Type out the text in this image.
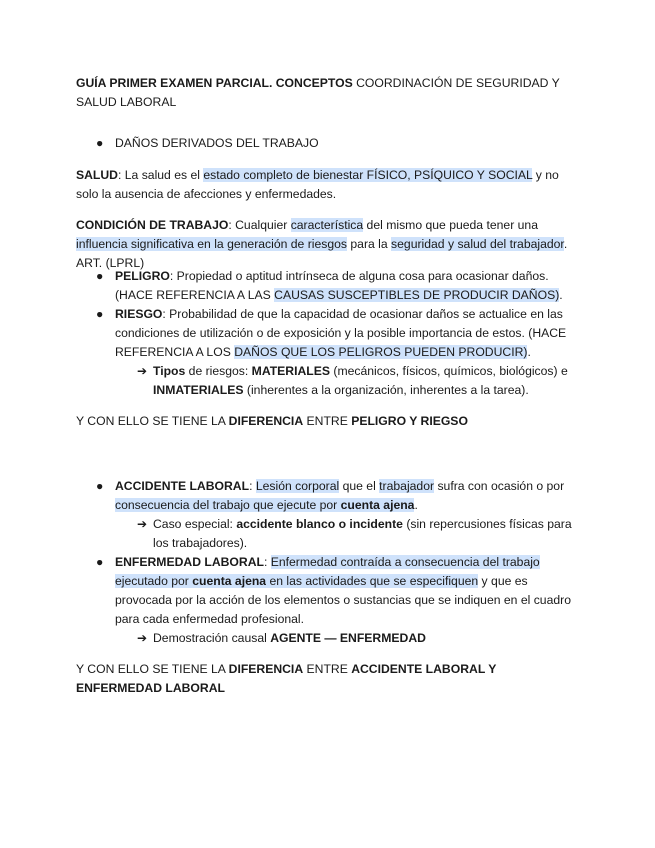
GUÍA PRIMER EXAMEN PARCIAL. CONCEPTOS COORDINACIÓN DE SEGURIDAD Y SALUD LABORAL

● DAÑOS DERIVADOS DEL TRABAJO

SALUD: La salud es el estado completo de bienestar FÍSICO, PSÍQUICO Y SOCIAL y no solo la ausencia de afecciones y enfermedades.

CONDICIÓN DE TRABAJO: Cualquier característica del mismo que pueda tener una influencia significativa en la generación de riesgos para la seguridad y salud del trabajador. ART. (LPRL)

● PELIGRO: Propiedad o aptitud intrínseca de alguna cosa para ocasionar daños. (HACE REFERENCIA A LAS CAUSAS SUSCEPTIBLES DE PRODUCIR DAÑOS).
● RIESGO: Probabilidad de que la capacidad de ocasionar daños se actualice en las condiciones de utilización o de exposición y la posible importancia de estos. (HACE REFERENCIA A LOS DAÑOS QUE LOS PELIGROS PUEDEN PRODUCIR).
➔ Tipos de riesgos: MATERIALES (mecánicos, físicos, químicos, biológicos) e INMATERIALES (inherentes a la organización, inherentes a la tarea).

Y CON ELLO SE TIENE LA DIFERENCIA ENTRE PELIGRO Y RIEGSO

● ACCIDENTE LABORAL: Lesión corporal que el trabajador sufra con ocasión o por consecuencia del trabajo que ejecute por cuenta ajena.
➔ Caso especial: accidente blanco o incidente (sin repercusiones físicas para los trabajadores).
● ENFERMEDAD LABORAL: Enfermedad contraída a consecuencia del trabajo ejecutado por cuenta ajena en las actividades que se especifiquen y que es provocada por la acción de los elementos o sustancias que se indiquen en el cuadro para cada enfermedad profesional.
➔ Demostración causal AGENTE — ENFERMEDAD

Y CON ELLO SE TIENE LA DIFERENCIA ENTRE ACCIDENTE LABORAL Y ENFERMEDAD LABORAL
